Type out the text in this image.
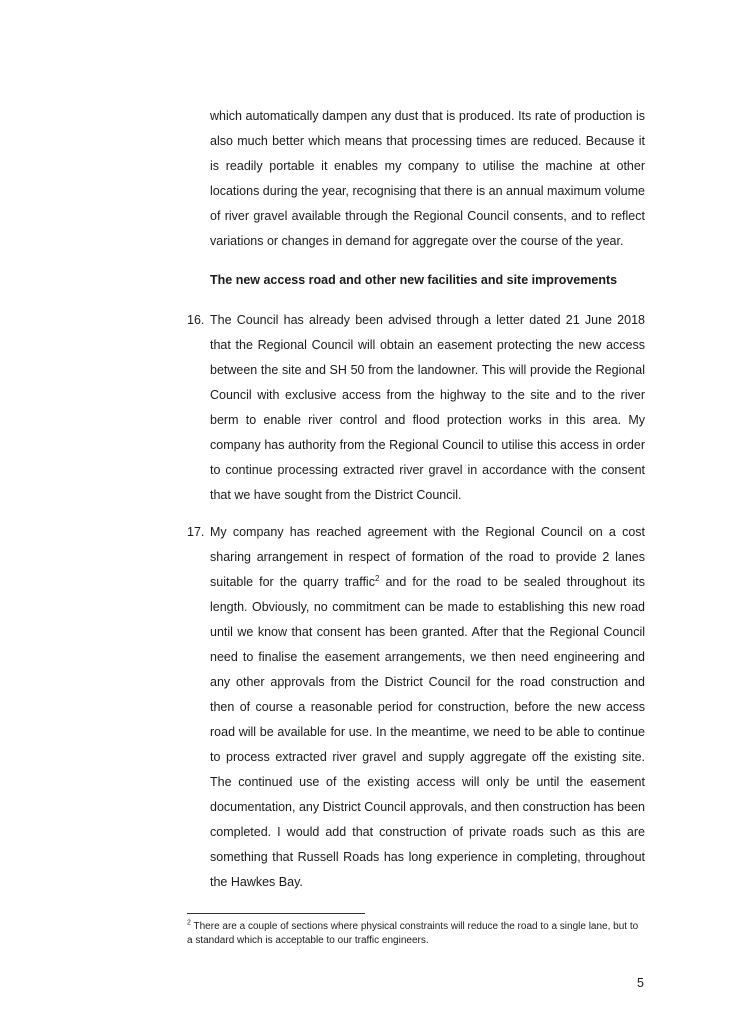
which automatically dampen any dust that is produced. Its rate of production is also much better which means that processing times are reduced. Because it is readily portable it enables my company to utilise the machine at other locations during the year, recognising that there is an annual maximum volume of river gravel available through the Regional Council consents, and to reflect variations or changes in demand for aggregate over the course of the year.
The new access road and other new facilities and site improvements
16. The Council has already been advised through a letter dated 21 June 2018 that the Regional Council will obtain an easement protecting the new access between the site and SH 50 from the landowner. This will provide the Regional Council with exclusive access from the highway to the site and to the river berm to enable river control and flood protection works in this area. My company has authority from the Regional Council to utilise this access in order to continue processing extracted river gravel in accordance with the consent that we have sought from the District Council.
17. My company has reached agreement with the Regional Council on a cost sharing arrangement in respect of formation of the road to provide 2 lanes suitable for the quarry traffic$^2$ and for the road to be sealed throughout its length. Obviously, no commitment can be made to establishing this new road until we know that consent has been granted. After that the Regional Council need to finalise the easement arrangements, we then need engineering and any other approvals from the District Council for the road construction and then of course a reasonable period for construction, before the new access road will be available for use. In the meantime, we need to be able to continue to process extracted river gravel and supply aggregate off the existing site. The continued use of the existing access will only be until the easement documentation, any District Council approvals, and then construction has been completed. I would add that construction of private roads such as this are something that Russell Roads has long experience in completing, throughout the Hawkes Bay.
$^2$ There are a couple of sections where physical constraints will reduce the road to a single lane, but to a standard which is acceptable to our traffic engineers.
5
